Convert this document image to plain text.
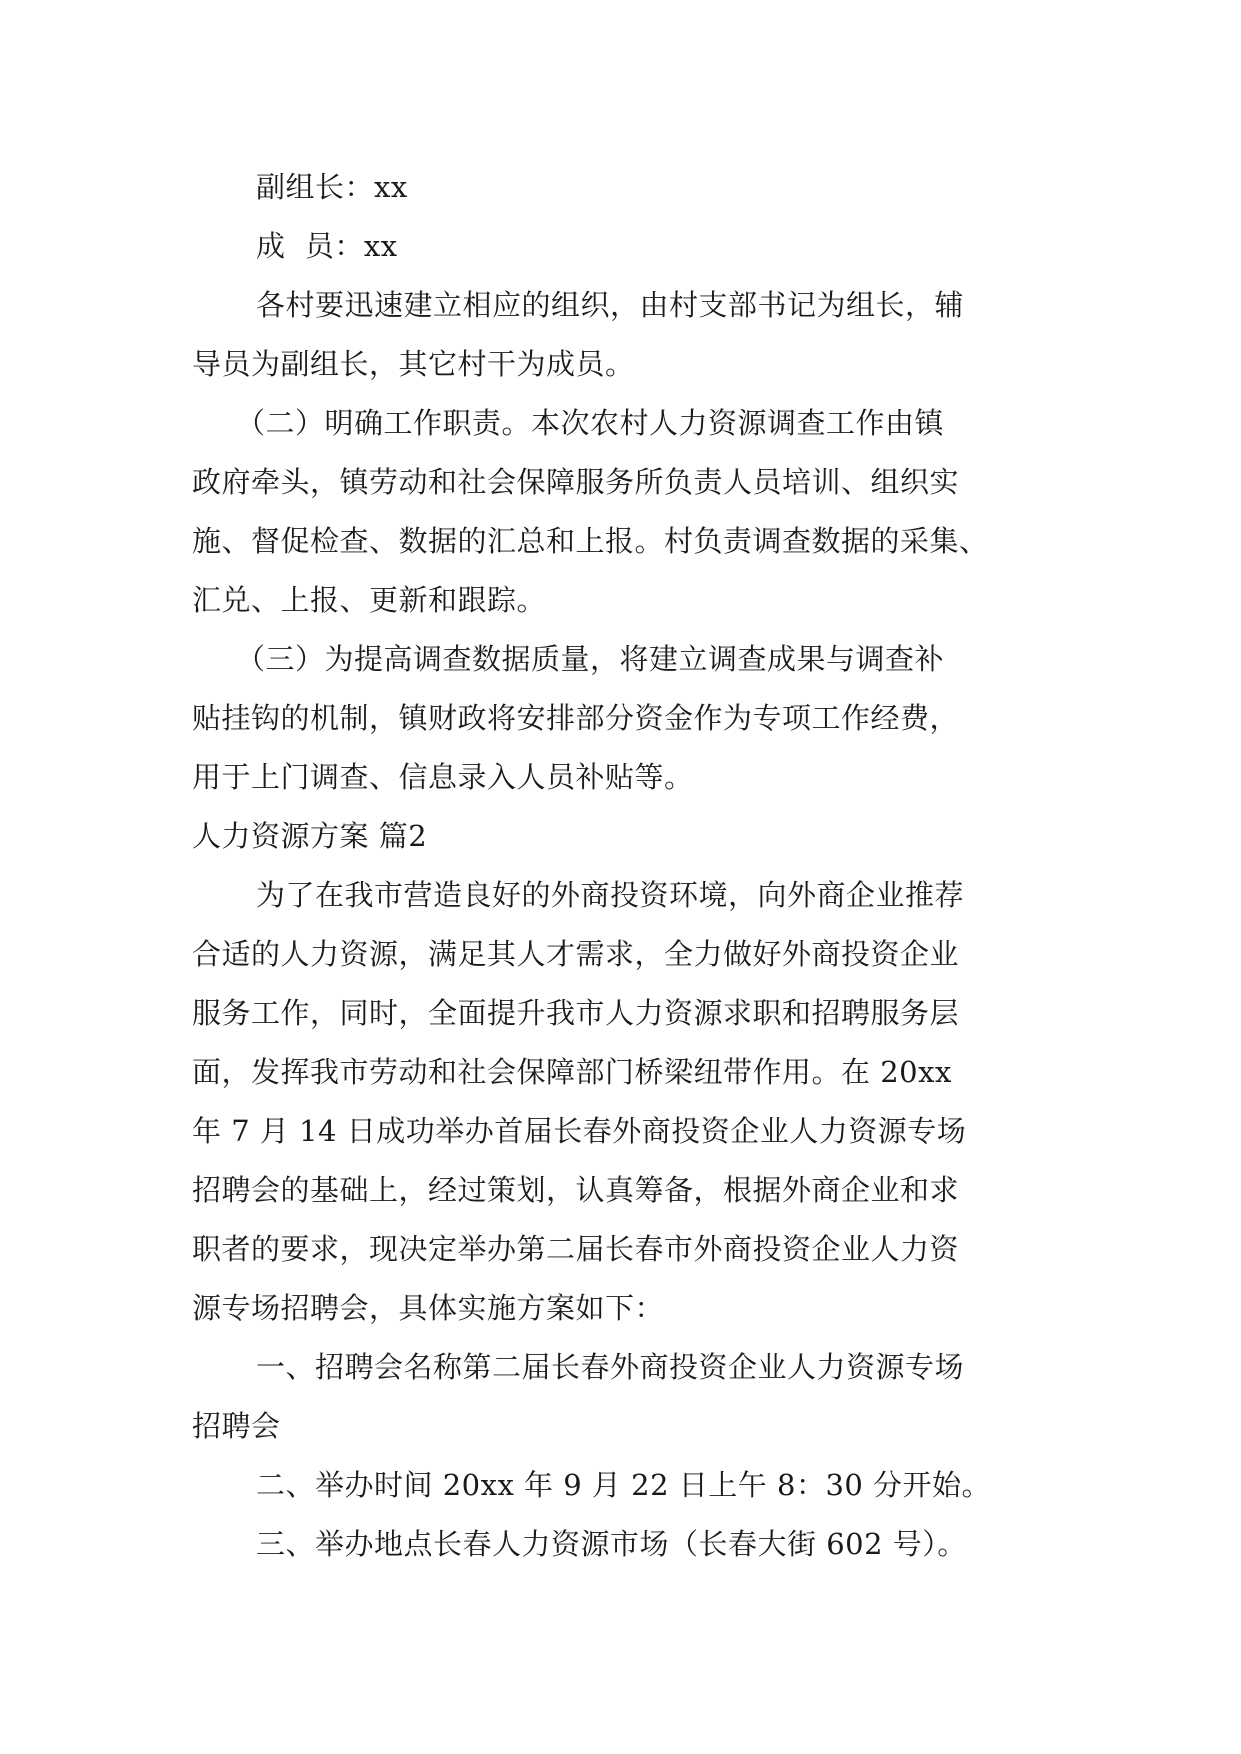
副组长：xx
成  员：xx
各村要迅速建立相应的组织，由村支部书记为组长，辅
导员为副组长，其它村干为成员。
（二）明确工作职责。本次农村人力资源调查工作由镇
政府牵头，镇劳动和社会保障服务所负责人员培训、组织实
施、督促检查、数据的汇总和上报。村负责调查数据的采集、
汇兑、上报、更新和跟踪。
（三）为提高调查数据质量，将建立调查成果与调查补
贴挂钩的机制，镇财政将安排部分资金作为专项工作经费，
用于上门调查、信息录入人员补贴等。
人力资源方案 篇2
为了在我市营造良好的外商投资环境，向外商企业推荐
合适的人力资源，满足其人才需求，全力做好外商投资企业
服务工作，同时，全面提升我市人力资源求职和招聘服务层
面，发挥我市劳动和社会保障部门桥梁纽带作用。在 20xx
年 7 月 14 日成功举办首届长春外商投资企业人力资源专场
招聘会的基础上，经过策划，认真筹备，根据外商企业和求
职者的要求，现决定举办第二届长春市外商投资企业人力资
源专场招聘会，具体实施方案如下：
一、招聘会名称第二届长春外商投资企业人力资源专场
招聘会
二、举办时间 20xx 年 9 月 22 日上午 8：30 分开始。
三、举办地点长春人力资源市场（长春大街 602 号）。
